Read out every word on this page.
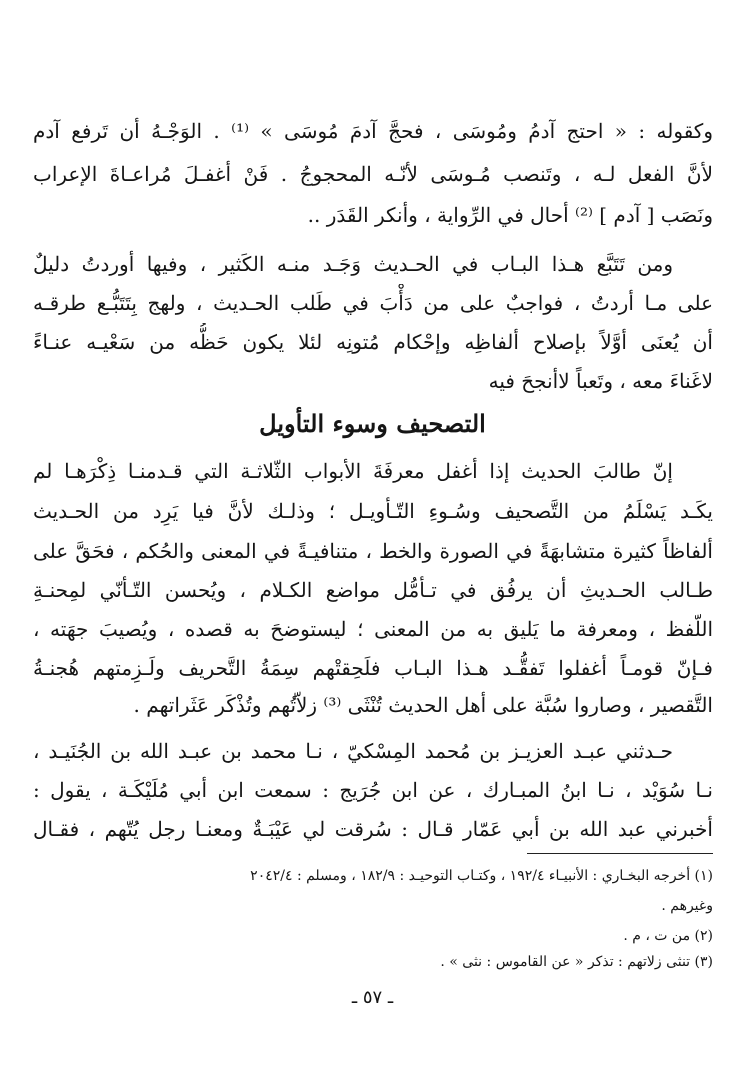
وكقوله : « احتج آدمُ ومُوسَى ، فحجَّ آدمَ مُوسَى » ⁽¹⁾ . الوَجْـهُ أن تَرفع آدم
لأنَّ الفعل لـه ، وتَنصب مُـوسَى لأنّـه المحجوجُ . فَنْ أغفـلَ مُراعـاةَ الإعراب
ونَصَب [ آدم ] ⁽²⁾ أحال في الرِّواية ، وأنكر القَدَر ..
ومن تَتَبَّع هـذا البـاب في الحـديث وَجَـد منـه الكَثير ، وفيها أوردتُ دليلٌ
على مـا أردتُ ، فواجبٌ على من دَأْبَ في طَلب الحـديث ، ولهج بِتَتَبُّـع طرقـه
أن يُعنَى أوَّلاً بإصلاح ألفاظِه وإحْكام مُتونِه لئلا يكون حَظُّه من سَعْيـه عنـاءً
لاغَناءَ معه ، وتَعباً لاأنجحَ فيه
التصحيف وسوء التأويل
إنّ طالبَ الحديث إذا أغفل معرفَةَ الأبواب الثّلاثـة التي قـدمنـا ذِكْرَهـا لم
يكَـد يَسْلَمُ من التَّصحيف وسُـوءِ التّـأويـل ؛ وذلـك لأنَّ فيا يَرِد من الحـديث
ألفاظاً كثيرة متشابهَةً في الصورة والخط ، متنافيـةً في المعنى والحُكم ، فحَقَّ على
طـالب الحـديثِ أن يرفُق في تـأمُّل مواضع الكـلام ، ويُحسن التّـأنّي لمِحنـةِ
اللّفظ ، ومعرفة ما يَليق به من المعنى ؛ ليستوضحَ به قصده ، ويُصيبَ جهَته ،
فـإنّ قومـاً أغفلوا تَفقُّـد هـذا البـاب فلَحِقتْهم سِمَةُ التَّحريف ولَـزِمتهم هُجنـةُ
التَّقصير ، وصاروا سُبَّة على أهل الحديث تُنْثَى ⁽³⁾ زلاّتُهم وتُذْكَر عَثَراتهم .
حـدثني عبـد العزيـز بن مُحمد المِسْكيّ ، نـا محمد بن عبـد الله بن الجُنَيـد ،
نـا سُوَيْد ، نـا ابنُ المبـارك ، عن ابن جُرَيج : سمعت ابن أبي مُلَيْكَـة ، يقول :
أخبرني عبد الله بن أبي عَمّار قـال : سُرقت لي عَيْبَـةٌ ومعنـا رجل يُتّهم ، فقـال
(١) أخرجه البخـاري : الأنبيـاء ١٩٢/٤ ، وكتـاب التوحيـد : ١٨٢/٩ ، ومسلم : ٢٠٤٢/٤
وغيرهم .
(٢) من ت ، م .
(٣) تنثى زلاتهم : تذكر « عن القاموس : نثى » .
ـ ٥٧ ـ
